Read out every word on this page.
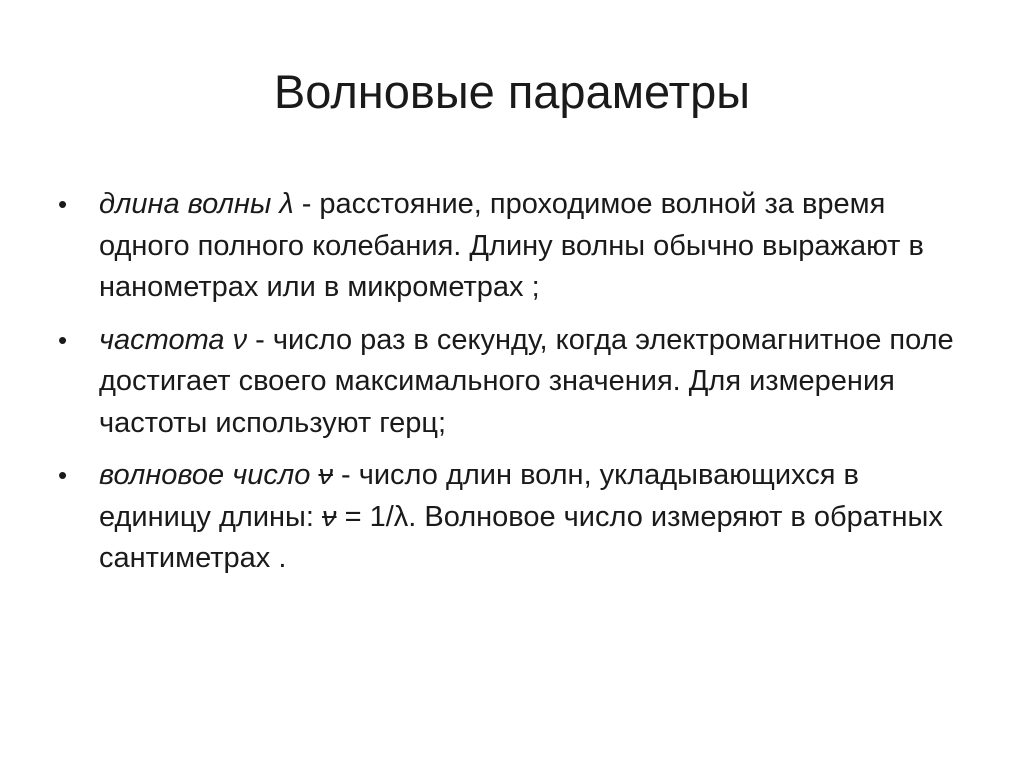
Волновые параметры
• длина волны λ - расстояние, проходимое волной за время одного полного колебания. Длину волны обычно выражают в нанометрах или в микрометрах ;
• частота ν - число раз в секунду, когда электромагнитное поле достигает своего максимального значения. Для измерения частоты используют герц;
• волновое число ν - число длин волн, укладывающихся в единицу длины: ν = 1/λ. Волновое число измеряют в обратных сантиметрах .
